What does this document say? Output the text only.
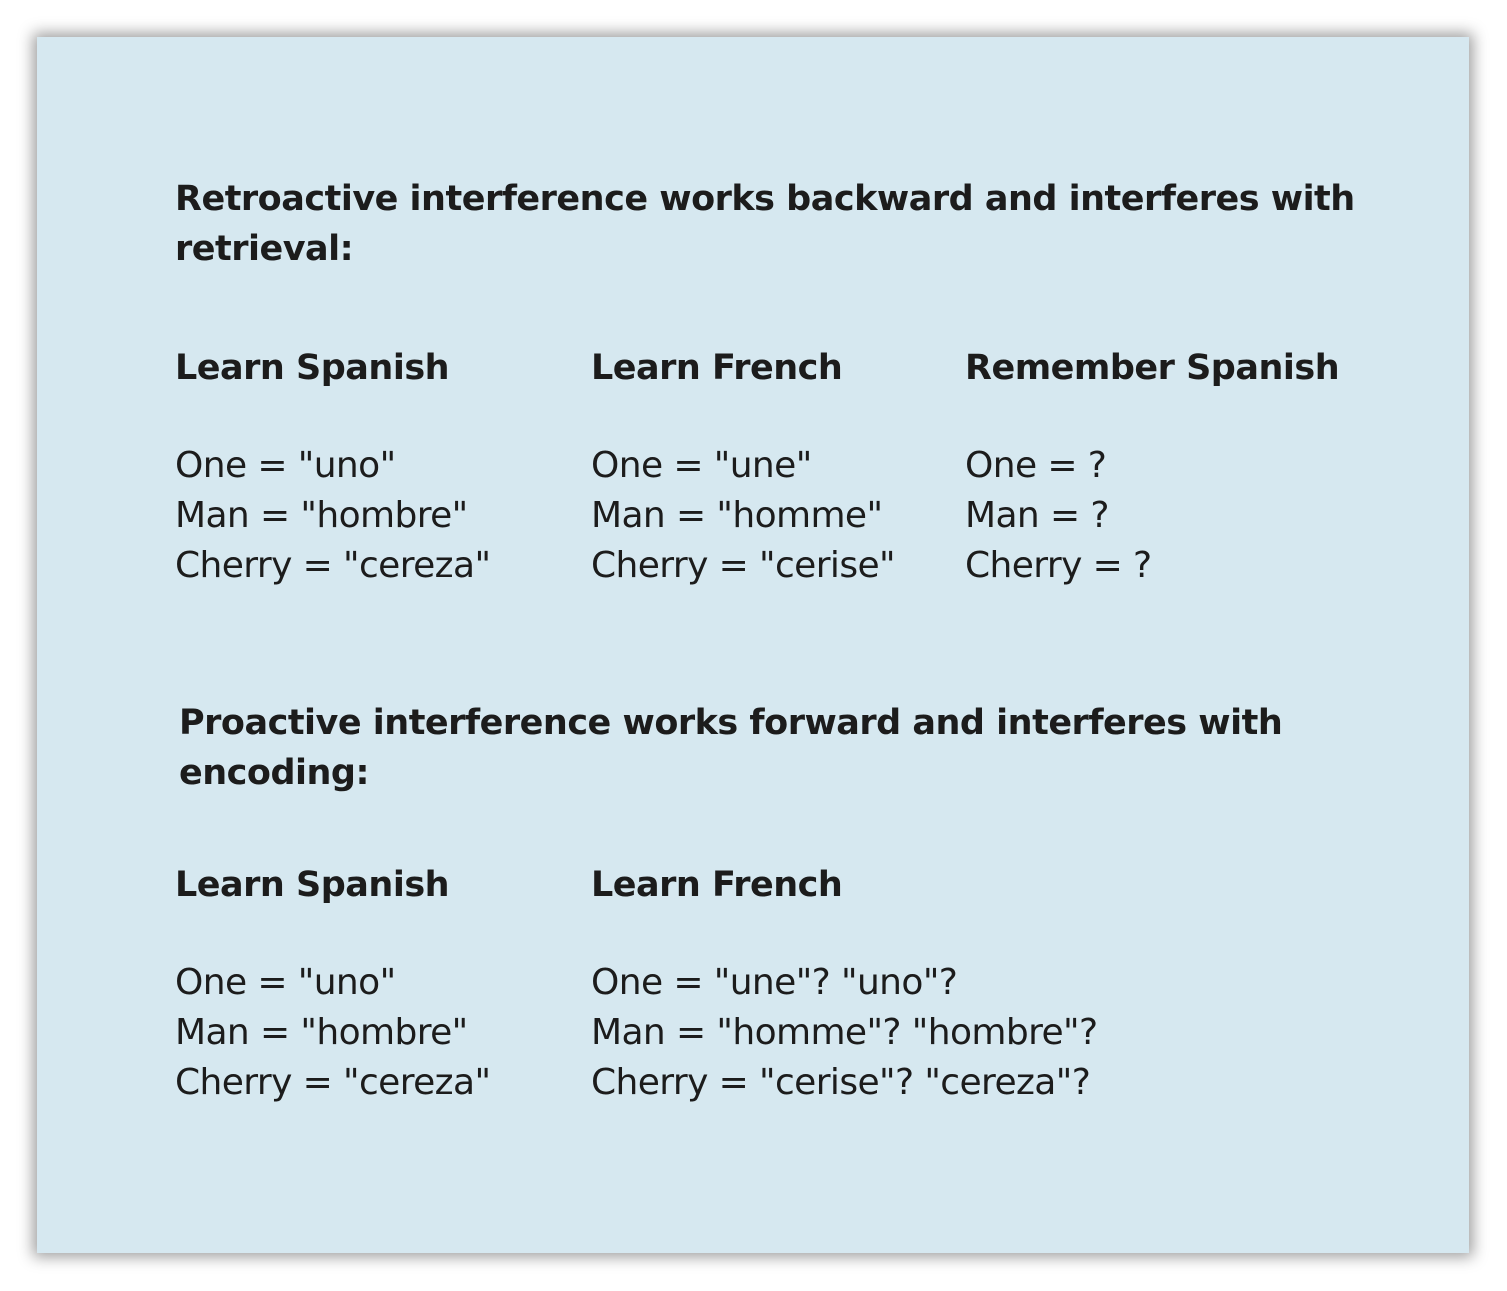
Retroactive interference works backward and interferes with
retrieval:
Learn Spanish
One = "uno"
Man = "hombre"
Cherry = "cereza"
Learn French
One = "une"
Man = "homme"
Cherry = "cerise"
Remember Spanish
One = ?
Man = ?
Cherry = ?
Proactive interference works forward and interferes with
encoding:
Learn Spanish
One = "uno"
Man = "hombre"
Cherry = "cereza"
Learn French
One = "une"? "uno"?
Man = "homme"? "hombre"?
Cherry = "cerise"? "cereza"?
